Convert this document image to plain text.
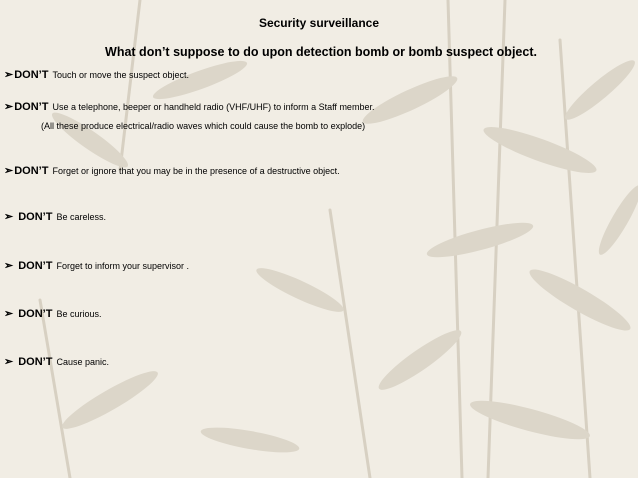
Security surveillance
What don’t suppose to do upon detection bomb or bomb suspect object.
➢ DON’T Touch or move the suspect object.
➢ DON’T Use a telephone, beeper or handheld radio (VHF/UHF) to inform a Staff member.
(All these produce electrical/radio waves which could cause the bomb to explode)
➢ DON’T Forget or ignore that you may be in the presence of a destructive object.
➢ DON’T Be careless.
➢ DON’T Forget to inform your supervisor .
➢ DON’T Be curious.
➢ DON’T Cause panic.
